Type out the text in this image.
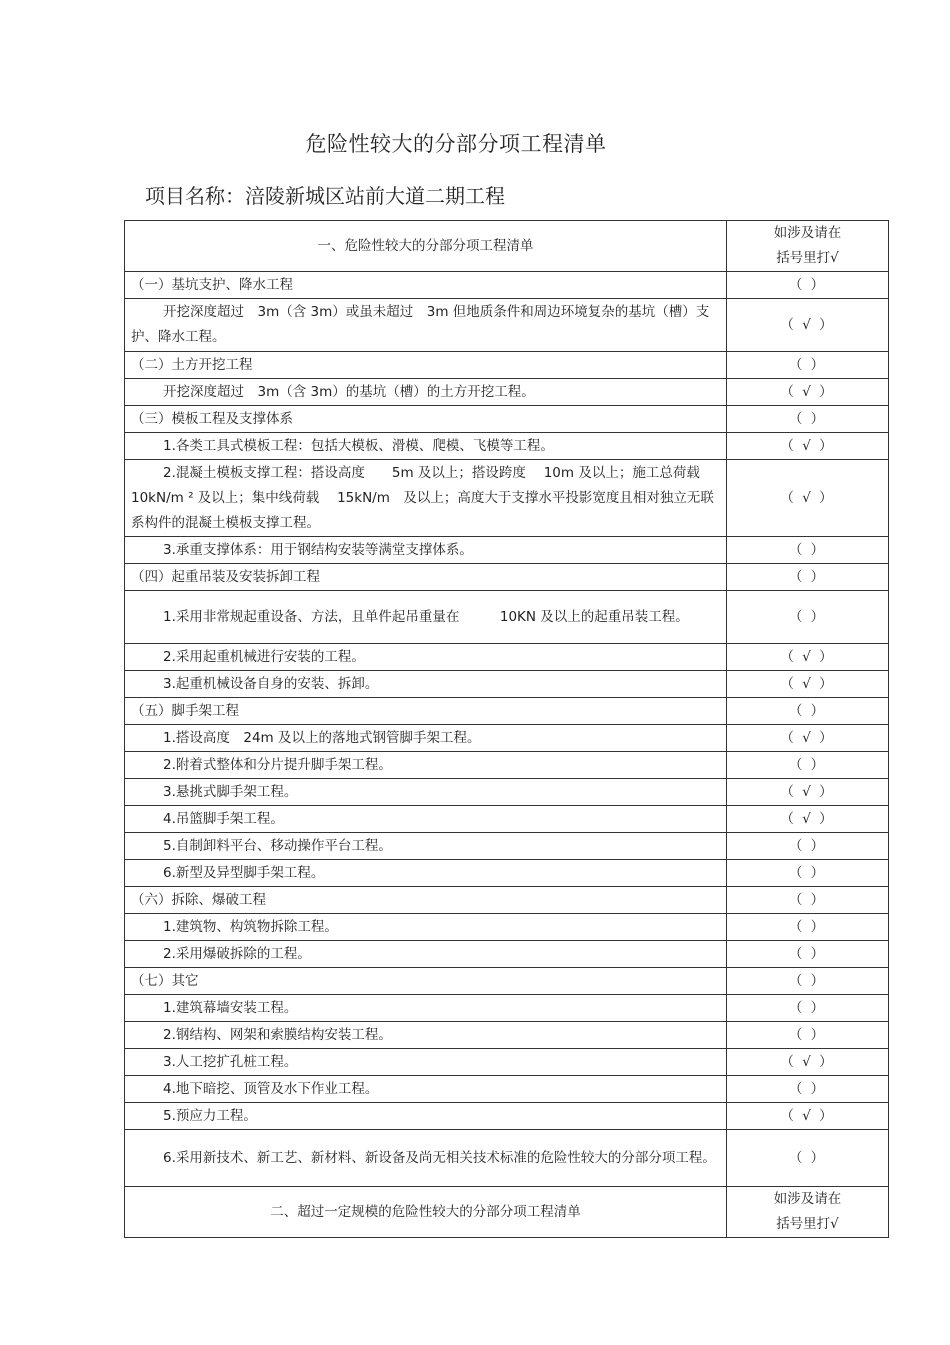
危险性较大的分部分项工程清单
项目名称：涪陵新城区站前大道二期工程
一、危险性较大的分部分项工程清单	如涉及请在
括号里打√

（一）基坑支护、降水工程	（ ）
开挖深度超过　3m（含 3m）或虽未超过　3m 但地质条件和周边环境复杂的基坑（槽）支护、降水工程。	（ √ ）
（二）土方开挖工程	（ ）
开挖深度超过　3m（含 3m）的基坑（槽）的土方开挖工程。	（ √ ）
（三）模板工程及支撑体系	（ ）
1.各类工具式模板工程：包括大模板、滑模、爬模、飞模等工程。	（ √ ）
2.混凝土模板支撑工程：搭设高度　　5m 及以上；搭设跨度　 10m 及以上；施工总荷载　10kN/m ² 及以上；集中线荷载　 15kN/m　及以上；高度大于支撑水平投影宽度且相对独立无联系构件的混凝土模板支撑工程。	（ √ ）
3.承重支撑体系：用于钢结构安装等满堂支撑体系。	（ ）
（四）起重吊装及安装拆卸工程	（ ）
1.采用非常规起重设备、方法，且单件起吊重量在　　　10KN 及以上的起重吊装工程。	（ ）
2.采用起重机械进行安装的工程。	（ √ ）
3.起重机械设备自身的安装、拆卸。	（ √ ）
（五）脚手架工程	（ ）
1.搭设高度　24m 及以上的落地式钢管脚手架工程。	（ √ ）
2.附着式整体和分片提升脚手架工程。	（ ）
3.悬挑式脚手架工程。	（ √ ）
4.吊篮脚手架工程。	（ √ ）
5.自制卸料平台、移动操作平台工程。	（ ）
6.新型及异型脚手架工程。	（ ）
（六）拆除、爆破工程	（ ）
1.建筑物、构筑物拆除工程。	（ ）
2.采用爆破拆除的工程。	（ ）
（七）其它	（ ）
1.建筑幕墙安装工程。	（ ）
2.钢结构、网架和索膜结构安装工程。	（ ）
3.人工挖扩孔桩工程。	（ √ ）
4.地下暗挖、顶管及水下作业工程。	（ ）
5.预应力工程。	（ √ ）
6.采用新技术、新工艺、新材料、新设备及尚无相关技术标准的危险性较大的分部分项工程。	（ ）
二、超过一定规模的危险性较大的分部分项工程清单	如涉及请在
括号里打√
